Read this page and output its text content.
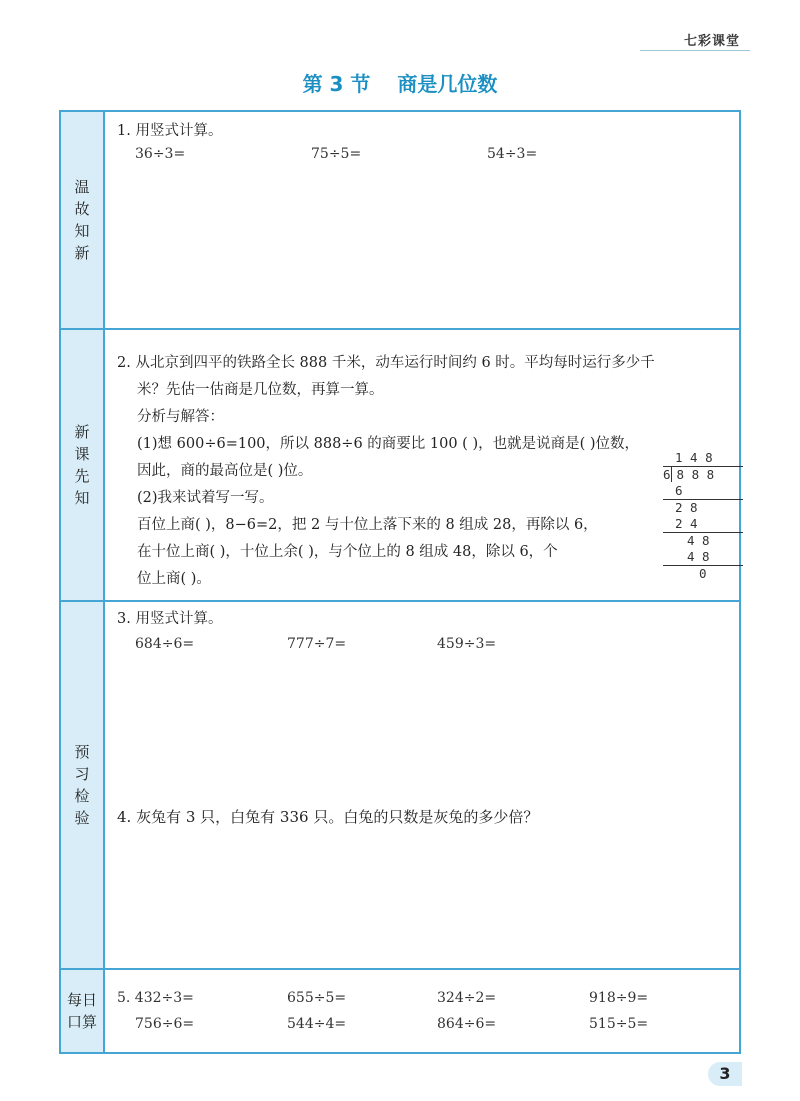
七彩课堂
第 3 节 商是几位数
温故知新
1. 用竖式计算。
36÷3=	75÷5=	54÷3=
新课先知

2. 从北京到四平的铁路全长 888 千米，动车运行时间约 6 时。平均每时运行多少千

米？先估一估商是几位数，再算一算。

分析与解答：

(1)想 600÷6=100，所以 888÷6 的商要比 100 ( )，也就是说商是( )位数，

因此，商的最高位是( )位。

(2)我来试着写一写。

百位上商( )，8−6=2，把 2 与十位上落下来的 8 组成 28，再除以 6，

在十位上商( )，十位上余( )，与个位上的 8 组成 48，除以 6，个

位上商( )。

1 4 8
6 8 8 8
6
2 8
2 4
4 8
4 8
0
预习检验
3. 用竖式计算。
684÷6=	777÷7=	459÷3=
4. 灰兔有 3 只，白兔有 336 只。白兔的只数是灰兔的多少倍？
每日口算
5. 432÷3=	655÷5=	324÷2=	918÷9=
756÷6=	544÷4=	864÷6=	515÷5=
3
